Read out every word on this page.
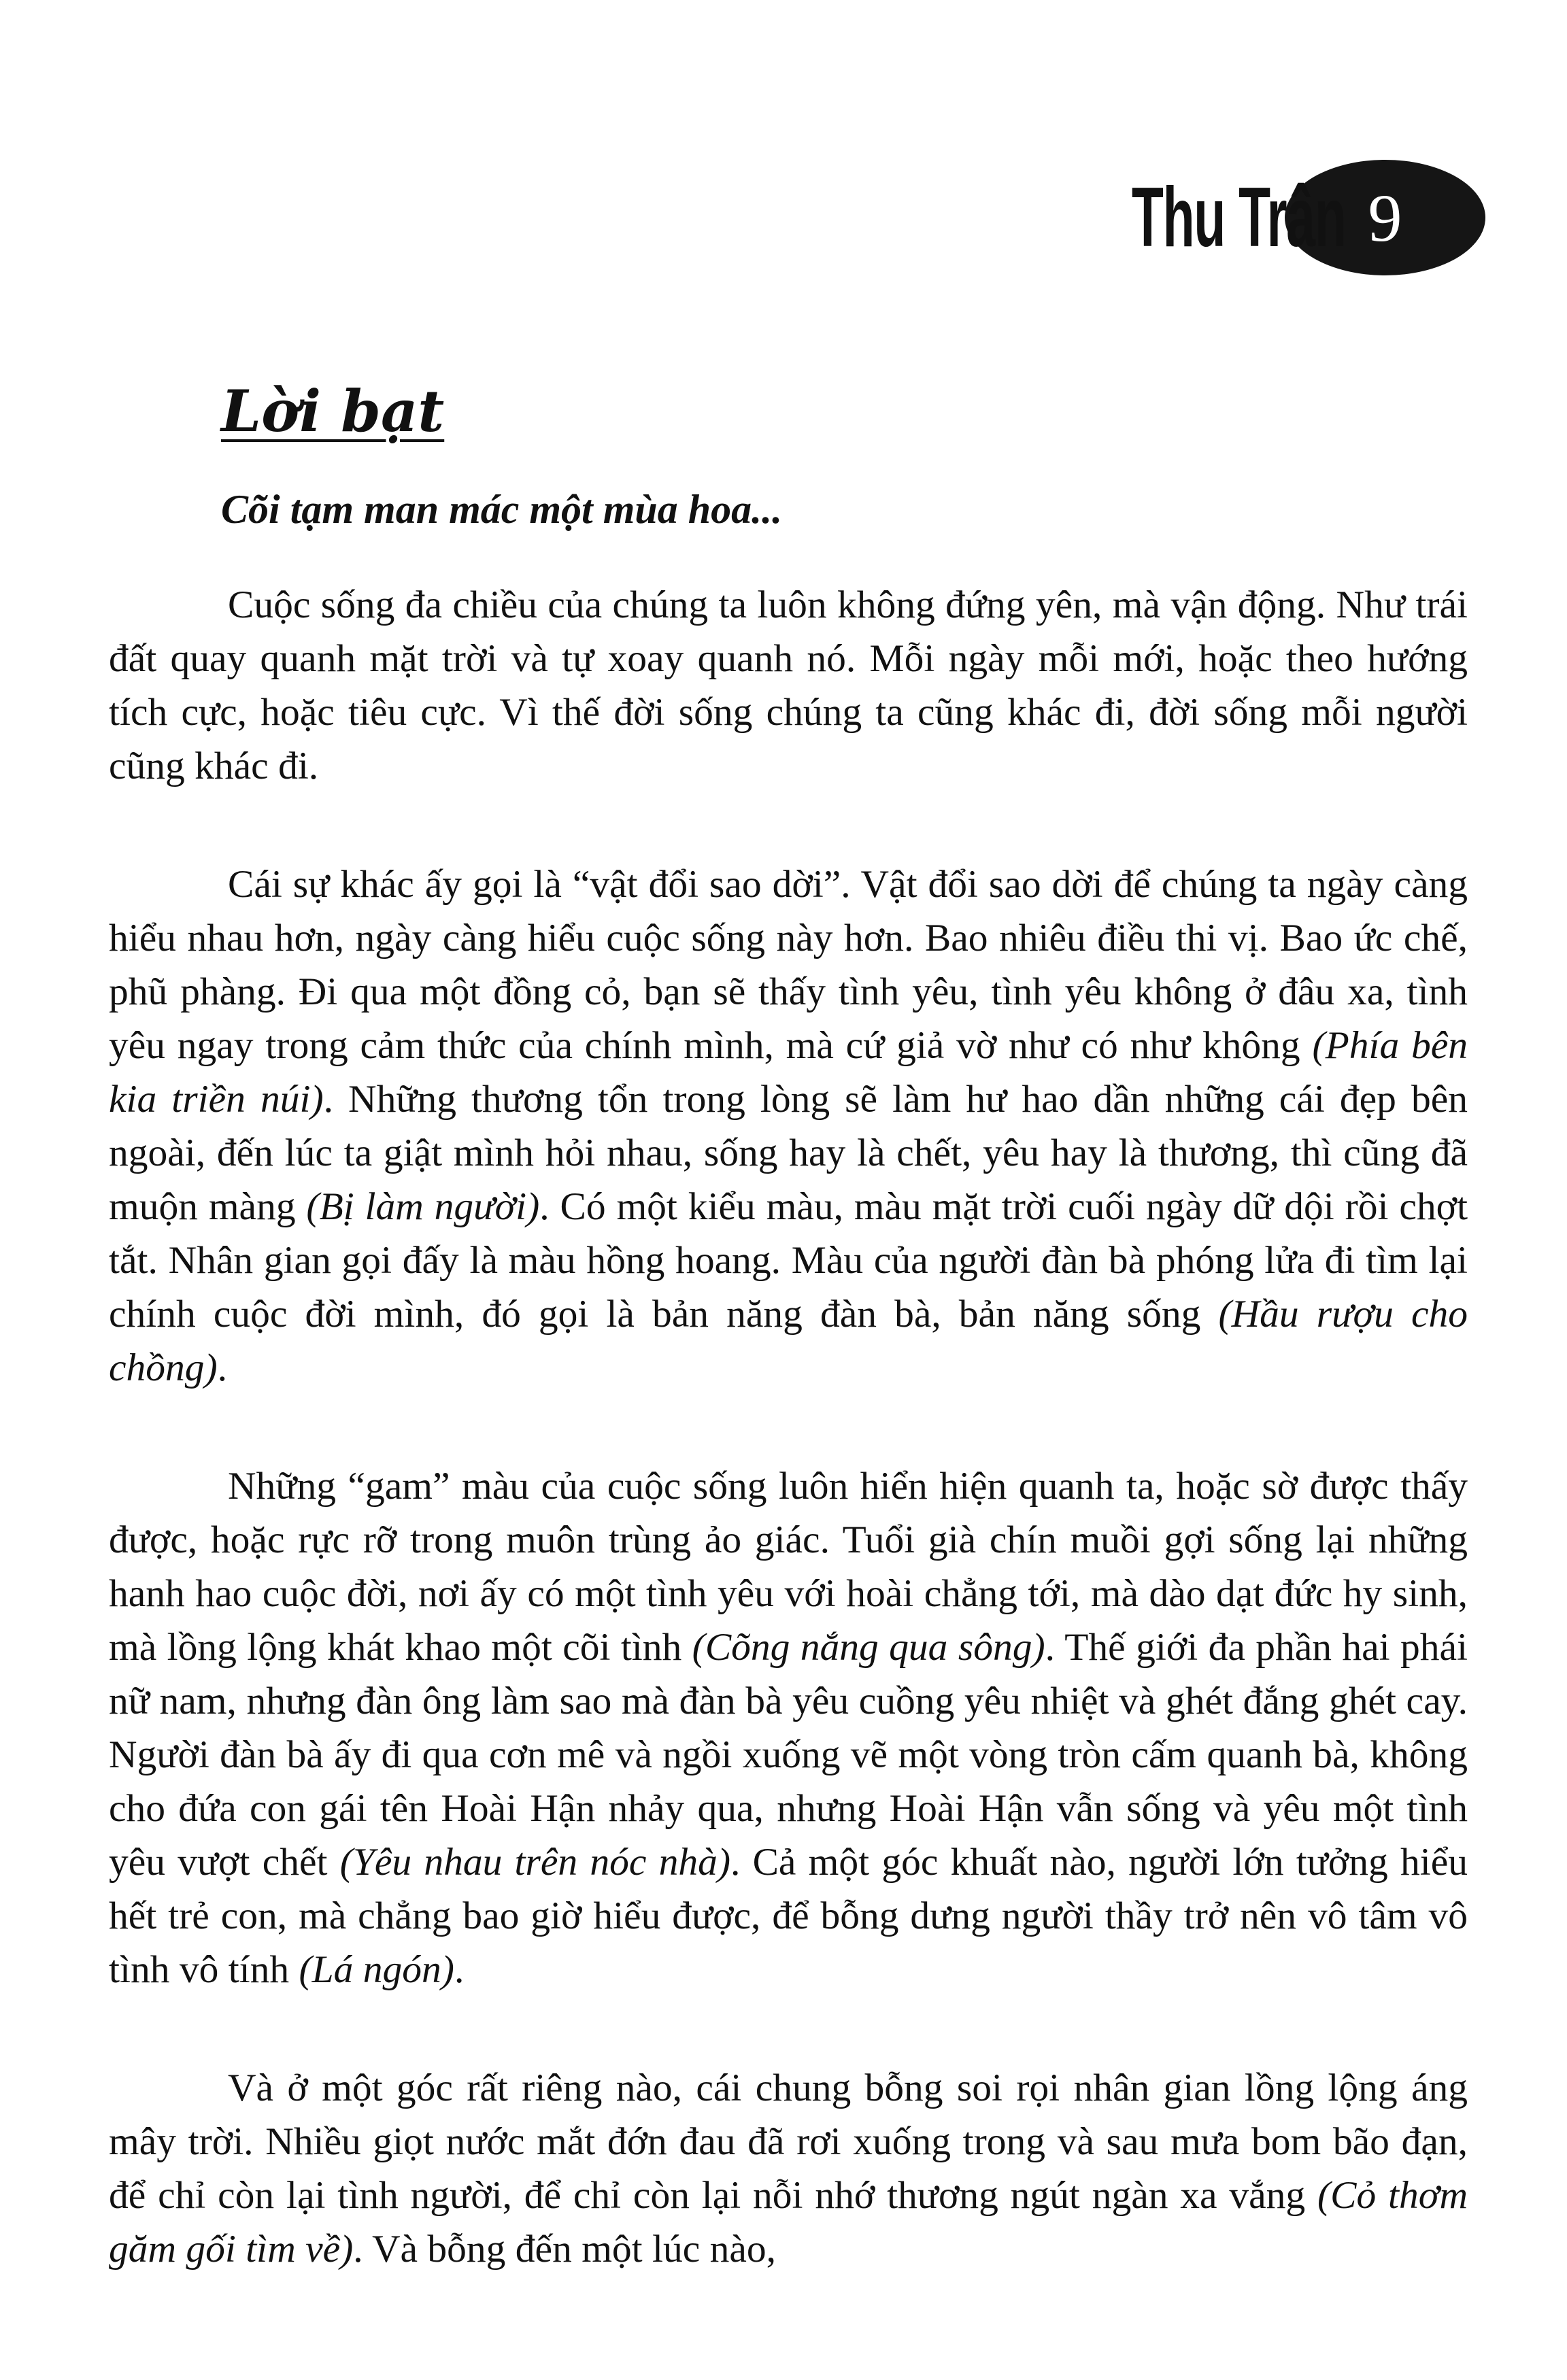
Thu Trân 9
Lời bạt
Cõi tạm man mác một mùa hoa...

Cuộc sống đa chiều của chúng ta luôn không đứng yên, mà vận động. Như trái đất quay quanh mặt trời và tự xoay quanh nó. Mỗi ngày mỗi mới, hoặc theo hướng tích cực, hoặc tiêu cực. Vì thế đời sống chúng ta cũng khác đi, đời sống mỗi người cũng khác đi.

Cái sự khác ấy gọi là “vật đổi sao dời”. Vật đổi sao dời để chúng ta ngày càng hiểu nhau hơn, ngày càng hiểu cuộc sống này hơn. Bao nhiêu điều thi vị. Bao ức chế, phũ phàng. Đi qua một đồng cỏ, bạn sẽ thấy tình yêu, tình yêu không ở đâu xa, tình yêu ngay trong cảm thức của chính mình, mà cứ giả vờ như có như không (Phía bên kia triền núi). Những thương tổn trong lòng sẽ làm hư hao dần những cái đẹp bên ngoài, đến lúc ta giật mình hỏi nhau, sống hay là chết, yêu hay là thương, thì cũng đã muộn màng (Bị làm người). Có một kiểu màu, màu mặt trời cuối ngày dữ dội rồi chợt tắt. Nhân gian gọi đấy là màu hồng hoang. Màu của người đàn bà phóng lửa đi tìm lại chính cuộc đời mình, đó gọi là bản năng đàn bà, bản năng sống (Hầu rượu cho chồng).

Những “gam” màu của cuộc sống luôn hiển hiện quanh ta, hoặc sờ được thấy được, hoặc rực rỡ trong muôn trùng ảo giác. Tuổi già chín muồi gợi sống lại những hanh hao cuộc đời, nơi ấy có một tình yêu với hoài chẳng tới, mà dào dạt đức hy sinh, mà lồng lộng khát khao một cõi tình (Cõng nắng qua sông). Thế giới đa phần hai phái nữ nam, nhưng đàn ông làm sao mà đàn bà yêu cuồng yêu nhiệt và ghét đắng ghét cay. Người đàn bà ấy đi qua cơn mê và ngồi xuống vẽ một vòng tròn cấm quanh bà, không cho đứa con gái tên Hoài Hận nhảy qua, nhưng Hoài Hận vẫn sống và yêu một tình yêu vượt chết (Yêu nhau trên nóc nhà). Cả một góc khuất nào, người lớn tưởng hiểu hết trẻ con, mà chẳng bao giờ hiểu được, để bỗng dưng người thầy trở nên vô tâm vô tình vô tính (Lá ngón).

Và ở một góc rất riêng nào, cái chung bỗng soi rọi nhân gian lồng lộng áng mây trời. Nhiều giọt nước mắt đớn đau đã rơi xuống trong và sau mưa bom bão đạn, để chỉ còn lại tình người, để chỉ còn lại nỗi nhớ thương ngút ngàn xa vắng (Cỏ thơm găm gối tìm về). Và bỗng đến một lúc nào,
